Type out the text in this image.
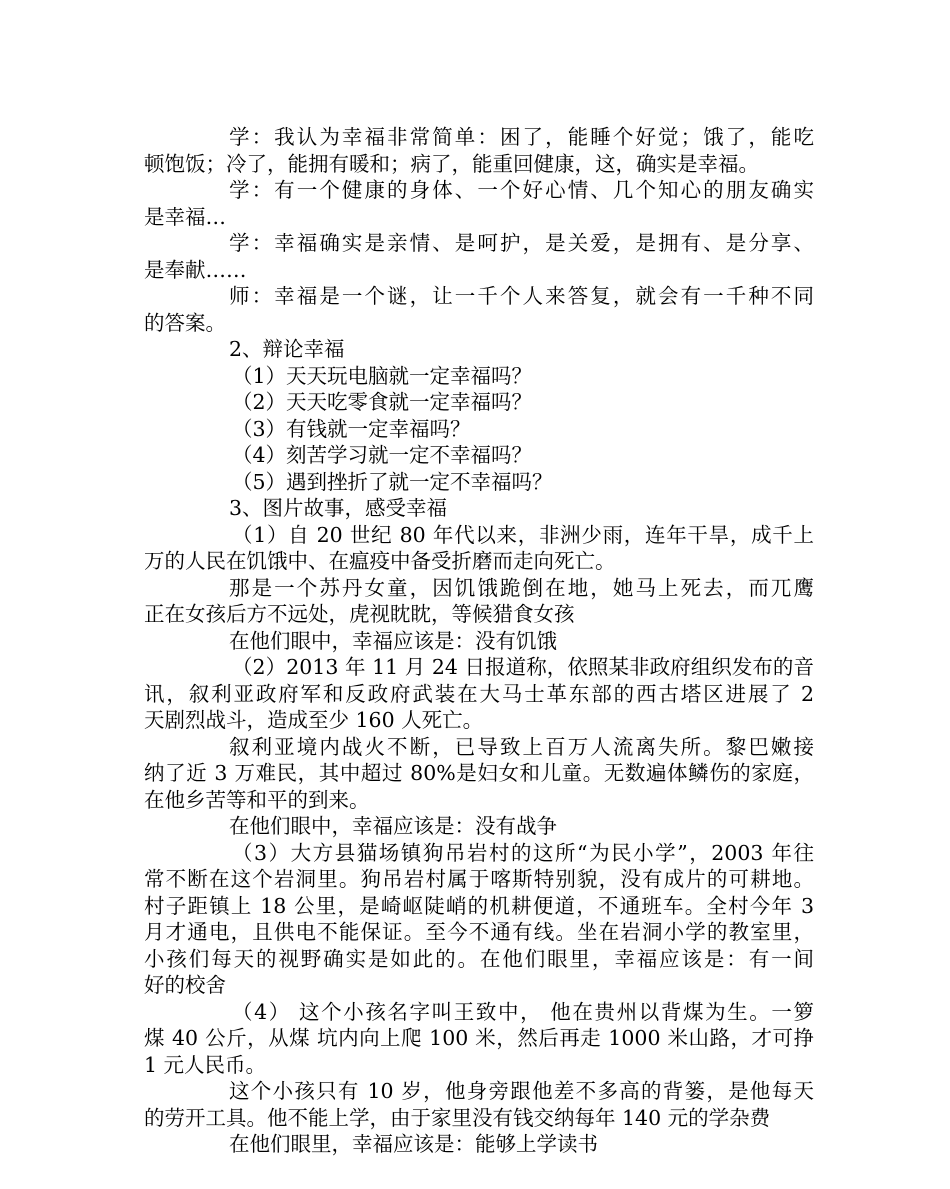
学：我认为幸福非常简单：困了，能睡个好觉；饿了，能吃
顿饱饭；冷了，能拥有暖和；病了，能重回健康，这，确实是幸福。
学：有一个健康的身体、一个好心情、几个知心的朋友确实
是幸福…
学：幸福确实是亲情、是呵护，是关爱，是拥有、是分享、
是奉献……
师：幸福是一个谜，让一千个人来答复，就会有一千种不同
的答案。
2、辩论幸福
（1）天天玩电脑就一定幸福吗？
（2）天天吃零食就一定幸福吗？
（3）有钱就一定幸福吗？
（4）刻苦学习就一定不幸福吗？
（5）遇到挫折了就一定不幸福吗？
3、图片故事，感受幸福
（1）自 20 世纪 80 年代以来，非洲少雨，连年干旱，成千上
万的人民在饥饿中、在瘟疫中备受折磨而走向死亡。
那是一个苏丹女童，因饥饿跪倒在地，她马上死去，而兀鹰
正在女孩后方不远处，虎视眈眈，等候猎食女孩
在他们眼中，幸福应该是：没有饥饿
（2）2013 年 11 月 24 日报道称，依照某非政府组织发布的音
讯，叙利亚政府军和反政府武装在大马士革东部的西古塔区进展了 2
天剧烈战斗，造成至少 160 人死亡。
叙利亚境内战火不断，已导致上百万人流离失所。黎巴嫩接
纳了近 3 万难民，其中超过 80%是妇女和儿童。无数遍体鳞伤的家庭，
在他乡苦等和平的到来。
在他们眼中，幸福应该是：没有战争
（3）大方县猫场镇狗吊岩村的这所“为民小学”，2003 年往
常不断在这个岩洞里。狗吊岩村属于喀斯特别貌，没有成片的可耕地。
村子距镇上 18 公里，是崎岖陡峭的机耕便道，不通班车。全村今年 3
月才通电，且供电不能保证。至今不通有线。坐在岩洞小学的教室里，
小孩们每天的视野确实是如此的。在他们眼里，幸福应该是：有一间
好的校舍
（4） 这个小孩名字叫王致中， 他在贵州以背煤为生。一箩
煤 40 公斤，从煤 坑内向上爬 100 米，然后再走 1000 米山路，才可挣
1 元人民币。
这个小孩只有 10 岁，他身旁跟他差不多高的背篓，是他每天
的劳开工具。他不能上学，由于家里没有钱交纳每年 140 元的学杂费
在他们眼里，幸福应该是：能够上学读书
